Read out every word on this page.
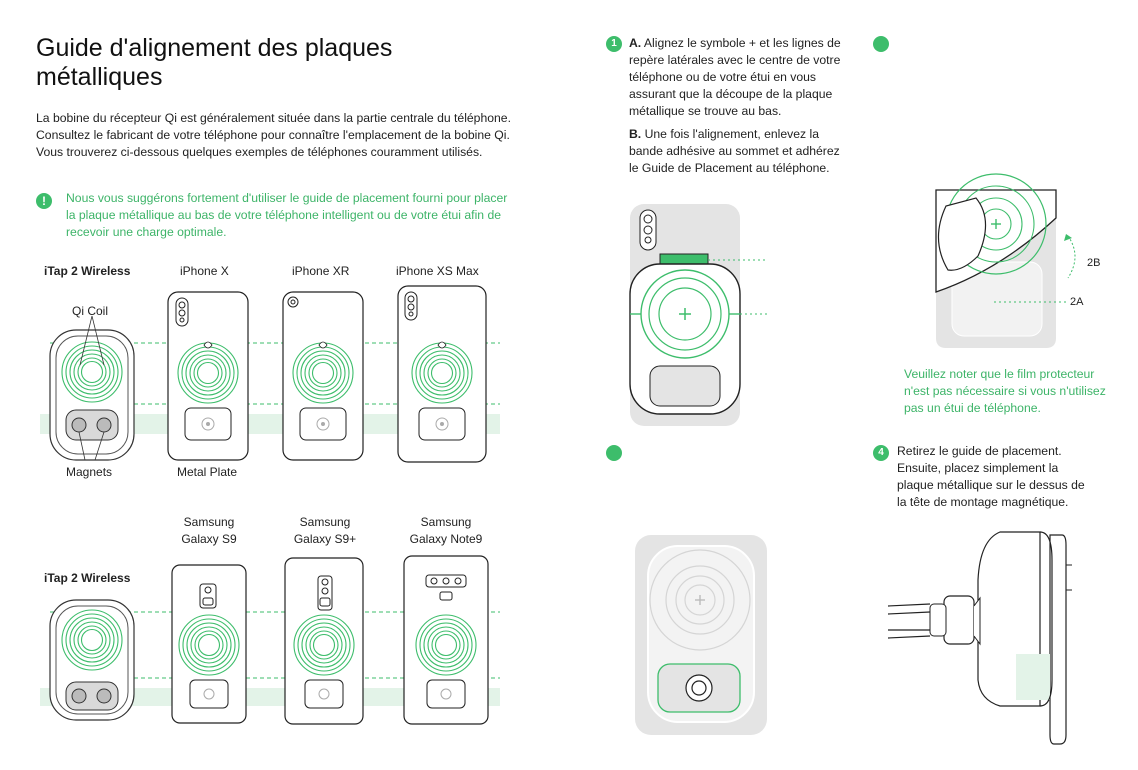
Guide d'alignement des plaques métalliques
La bobine du récepteur Qi est généralement située dans la partie centrale du téléphone. Consultez le fabricant de votre téléphone pour connaître l'emplacement de la bobine Qi. Vous trouverez ci-dessous quelques exemples de téléphones couramment utilisés.
!	Nous vous suggérons fortement d'utiliser le guide de placement fourni pour placer la plaque métallique au bas de votre téléphone intelligent ou de votre étui afin de recevoir une charge optimale.
iTap 2 Wireless	iPhone X	iPhone XR	iPhone XS Max
Qi Coil
Magnets	Metal Plate
iTap 2 Wireless
Samsung
Galaxy S9
Samsung
Galaxy S9+
Samsung
Galaxy Note9
1	A. Alignez le symbole + et les lignes de repère latérales avec le centre de votre téléphone ou de votre étui en vous assurant que la découpe de la plaque métallique se trouve au bas.
B. Une fois l'alignement, enlevez la bande adhésive au sommet et adhérez le Guide de Placement au téléphone.
Veuillez noter que le film protecteur n'est pas nécessaire si vous n'utilisez pas un étui de téléphone.
4	Retirez le guide de placement. Ensuite, placez simplement la plaque métallique sur le dessus de la tête de montage magnétique.
2B
2A
